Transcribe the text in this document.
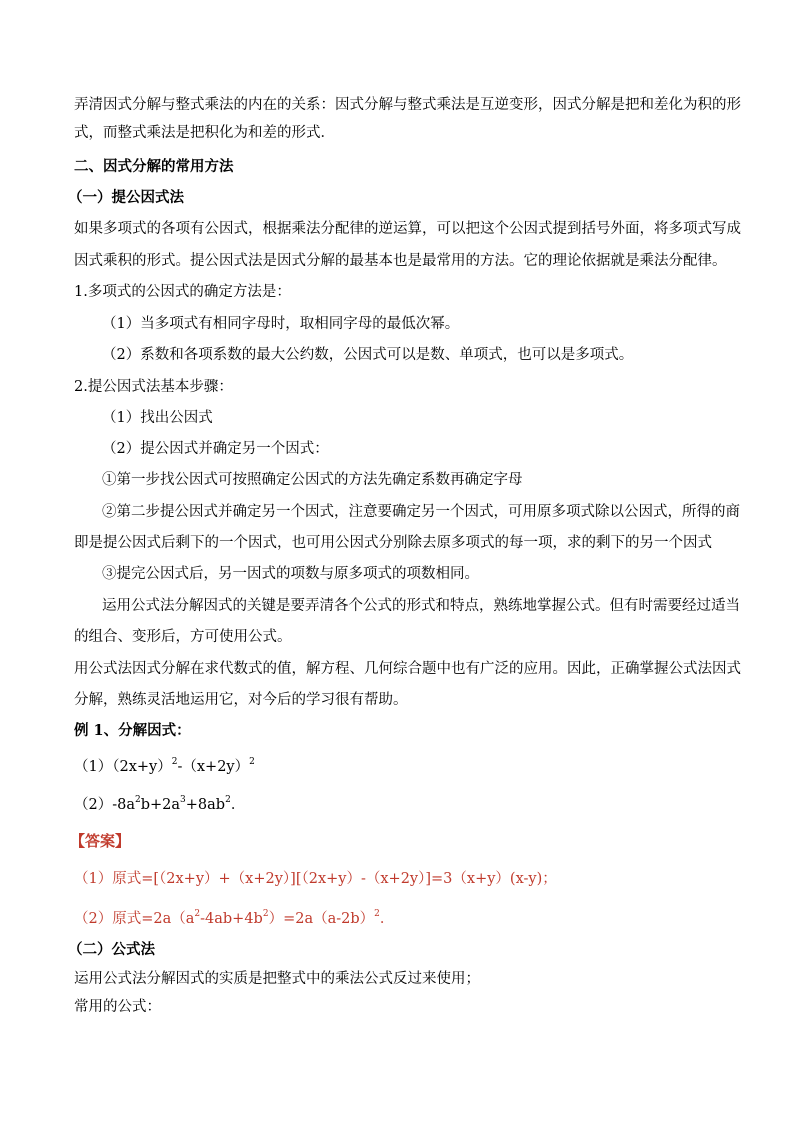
弄清因式分解与整式乘法的内在的关系：因式分解与整式乘法是互逆变形，因式分解是把和差化为积的形
式，而整式乘法是把积化为和差的形式．
二、因式分解的常用方法
（一）提公因式法
如果多项式的各项有公因式，根据乘法分配律的逆运算，可以把这个公因式提到括号外面，将多项式写成
因式乘积的形式。提公因式法是因式分解的最基本也是最常用的方法。它的理论依据就是乘法分配律。
1.多项式的公因式的确定方法是：
（1）当多项式有相同字母时，取相同字母的最低次幂。
（2）系数和各项系数的最大公约数，公因式可以是数、单项式，也可以是多项式。
2.提公因式法基本步骤：
（1）找出公因式
（2）提公因式并确定另一个因式：
①第一步找公因式可按照确定公因式的方法先确定系数再确定字母
②第二步提公因式并确定另一个因式，注意要确定另一个因式，可用原多项式除以公因式，所得的商
即是提公因式后剩下的一个因式，也可用公因式分别除去原多项式的每一项，求的剩下的另一个因式
③提完公因式后，另一因式的项数与原多项式的项数相同。
运用公式法分解因式的关键是要弄清各个公式的形式和特点，熟练地掌握公式。但有时需要经过适当
的组合、变形后，方可使用公式。
用公式法因式分解在求代数式的值，解方程、几何综合题中也有广泛的应用。因此，正确掌握公式法因式
分解，熟练灵活地运用它，对今后的学习很有帮助。
例 1、分解因式：
$(1)(2x+y)^2-(x+2y)^2$
$(2)-8a^2b+2a^3+8ab^2$．
【答案】
（1）原式=[（2x+y）+（x+2y）][（2x+y）-（x+2y）]=3（x+y）(x-y)；
（2）原式$=2a(a^2-4ab+4b^2)=2a(a-2b)^2$．
（二）公式法
运用公式法分解因式的实质是把整式中的乘法公式反过来使用；
常用的公式：
